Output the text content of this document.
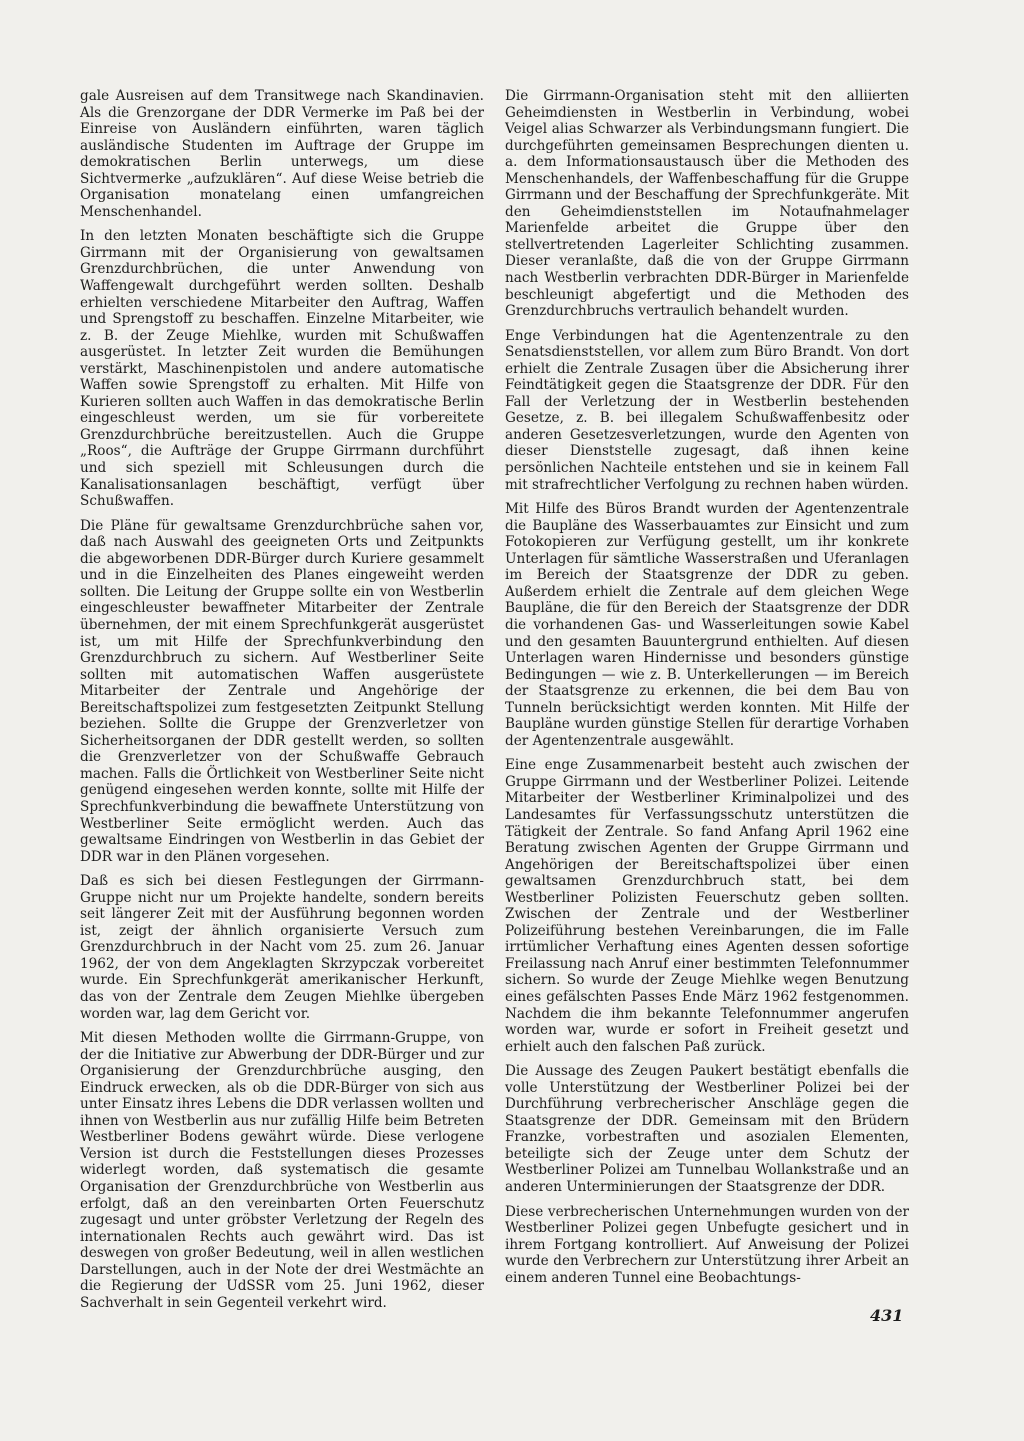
gale Ausreisen auf dem Transitwege nach Skandinavien. Als die Grenzorgane der DDR Vermerke im Paß bei der Einreise von Ausländern einführten, waren täglich ausländische Studenten im Auftrage der Gruppe im demokratischen Berlin unterwegs, um diese Sichtvermerke „aufzuklären“. Auf diese Weise betrieb die Organisation monatelang einen umfangreichen Menschenhandel.

In den letzten Monaten beschäftigte sich die Gruppe Girrmann mit der Organisierung von gewaltsamen Grenzdurchbrüchen, die unter Anwendung von Waffengewalt durchgeführt werden sollten. Deshalb erhielten verschiedene Mitarbeiter den Auftrag, Waffen und Sprengstoff zu beschaffen. Einzelne Mitarbeiter, wie z. B. der Zeuge Miehlke, wurden mit Schußwaffen ausgerüstet. In letzter Zeit wurden die Bemühungen verstärkt, Maschinenpistolen und andere automatische Waffen sowie Sprengstoff zu erhalten. Mit Hilfe von Kurieren sollten auch Waffen in das demokratische Berlin eingeschleust werden, um sie für vorbereitete Grenzdurchbrüche bereitzustellen. Auch die Gruppe „Roos“, die Aufträge der Gruppe Girrmann durchführt und sich speziell mit Schleusungen durch die Kanalisationsanlagen beschäftigt, verfügt über Schußwaffen.

Die Pläne für gewaltsame Grenzdurchbrüche sahen vor, daß nach Auswahl des geeigneten Orts und Zeitpunkts die abgeworbenen DDR-Bürger durch Kuriere gesammelt und in die Einzelheiten des Planes eingeweiht werden sollten. Die Leitung der Gruppe sollte ein von Westberlin eingeschleuster bewaffneter Mitarbeiter der Zentrale übernehmen, der mit einem Sprechfunkgerät ausgerüstet ist, um mit Hilfe der Sprechfunkverbindung den Grenzdurchbruch zu sichern. Auf Westberliner Seite sollten mit automatischen Waffen ausgerüstete Mitarbeiter der Zentrale und Angehörige der Bereitschaftspolizei zum festgesetzten Zeitpunkt Stellung beziehen. Sollte die Gruppe der Grenzverletzer von Sicherheitsorganen der DDR gestellt werden, so sollten die Grenzverletzer von der Schußwaffe Gebrauch machen. Falls die Örtlichkeit von Westberliner Seite nicht genügend eingesehen werden konnte, sollte mit Hilfe der Sprechfunkverbindung die bewaffnete Unterstützung von Westberliner Seite ermöglicht werden. Auch das gewaltsame Eindringen von Westberlin in das Gebiet der DDR war in den Plänen vorgesehen.

Daß es sich bei diesen Festlegungen der Girrmann-Gruppe nicht nur um Projekte handelte, sondern bereits seit längerer Zeit mit der Ausführung begonnen worden ist, zeigt der ähnlich organisierte Versuch zum Grenzdurchbruch in der Nacht vom 25. zum 26. Januar 1962, der von dem Angeklagten Skrzypczak vorbereitet wurde. Ein Sprechfunkgerät amerikanischer Herkunft, das von der Zentrale dem Zeugen Miehlke übergeben worden war, lag dem Gericht vor.

Mit diesen Methoden wollte die Girrmann-Gruppe, von der die Initiative zur Abwerbung der DDR-Bürger und zur Organisierung der Grenzdurchbrüche ausging, den Eindruck erwecken, als ob die DDR-Bürger von sich aus unter Einsatz ihres Lebens die DDR verlassen wollten und ihnen von Westberlin aus nur zufällig Hilfe beim Betreten Westberliner Bodens gewährt würde. Diese verlogene Version ist durch die Feststellungen dieses Prozesses widerlegt worden, daß systematisch die gesamte Organisation der Grenzdurchbrüche von Westberlin aus erfolgt, daß an den vereinbarten Orten Feuerschutz zugesagt und unter gröbster Verletzung der Regeln des internationalen Rechts auch gewährt wird. Das ist deswegen von großer Bedeutung, weil in allen westlichen Darstellungen, auch in der Note der drei Westmächte an die Regierung der UdSSR vom 25. Juni 1962, dieser Sachverhalt in sein Gegenteil verkehrt wird.

Die Girrmann-Organisation steht mit den alliierten Geheimdiensten in Westberlin in Verbindung, wobei Veigel alias Schwarzer als Verbindungsmann fungiert. Die durchgeführten gemeinsamen Besprechungen dienten u. a. dem Informationsaustausch über die Methoden des Menschenhandels, der Waffenbeschaffung für die Gruppe Girrmann und der Beschaffung der Sprechfunkgeräte. Mit den Geheimdienststellen im Notaufnahmelager Marienfelde arbeitet die Gruppe über den stellvertretenden Lagerleiter Schlichting zusammen. Dieser veranlaßte, daß die von der Gruppe Girrmann nach Westberlin verbrachten DDR-Bürger in Marienfelde beschleunigt abgefertigt und die Methoden des Grenzdurchbruchs vertraulich behandelt wurden.

Enge Verbindungen hat die Agentenzentrale zu den Senatsdienststellen, vor allem zum Büro Brandt. Von dort erhielt die Zentrale Zusagen über die Absicherung ihrer Feindtätigkeit gegen die Staatsgrenze der DDR. Für den Fall der Verletzung der in Westberlin bestehenden Gesetze, z. B. bei illegalem Schußwaffenbesitz oder anderen Gesetzesverletzungen, wurde den Agenten von dieser Dienststelle zugesagt, daß ihnen keine persönlichen Nachteile entstehen und sie in keinem Fall mit strafrechtlicher Verfolgung zu rechnen haben würden.

Mit Hilfe des Büros Brandt wurden der Agentenzentrale die Baupläne des Wasserbauamtes zur Einsicht und zum Fotokopieren zur Verfügung gestellt, um ihr konkrete Unterlagen für sämtliche Wasserstraßen und Uferanlagen im Bereich der Staatsgrenze der DDR zu geben. Außerdem erhielt die Zentrale auf dem gleichen Wege Baupläne, die für den Bereich der Staatsgrenze der DDR die vorhandenen Gas- und Wasserleitungen sowie Kabel und den gesamten Bauuntergrund enthielten. Auf diesen Unterlagen waren Hindernisse und besonders günstige Bedingungen — wie z. B. Unterkellerungen — im Bereich der Staatsgrenze zu erkennen, die bei dem Bau von Tunneln berücksichtigt werden konnten. Mit Hilfe der Baupläne wurden günstige Stellen für derartige Vorhaben der Agentenzentrale ausgewählt.

Eine enge Zusammenarbeit besteht auch zwischen der Gruppe Girrmann und der Westberliner Polizei. Leitende Mitarbeiter der Westberliner Kriminalpolizei und des Landesamtes für Verfassungsschutz unterstützen die Tätigkeit der Zentrale. So fand Anfang April 1962 eine Beratung zwischen Agenten der Gruppe Girrmann und Angehörigen der Bereitschaftspolizei über einen gewaltsamen Grenzdurchbruch statt, bei dem Westberliner Polizisten Feuerschutz geben sollten. Zwischen der Zentrale und der Westberliner Polizeiführung bestehen Vereinbarungen, die im Falle irrtümlicher Verhaftung eines Agenten dessen sofortige Freilassung nach Anruf einer bestimmten Telefonnummer sichern. So wurde der Zeuge Miehlke wegen Benutzung eines gefälschten Passes Ende März 1962 festgenommen. Nachdem die ihm bekannte Telefonnummer angerufen worden war, wurde er sofort in Freiheit gesetzt und erhielt auch den falschen Paß zurück.

Die Aussage des Zeugen Paukert bestätigt ebenfalls die volle Unterstützung der Westberliner Polizei bei der Durchführung verbrecherischer Anschläge gegen die Staatsgrenze der DDR. Gemeinsam mit den Brüdern Franzke, vorbestraften und asozialen Elementen, beteiligte sich der Zeuge unter dem Schutz der Westberliner Polizei am Tunnelbau Wollankstraße und an anderen Unterminierungen der Staatsgrenze der DDR.

Diese verbrecherischen Unternehmungen wurden von der Westberliner Polizei gegen Unbefugte gesichert und in ihrem Fortgang kontrolliert. Auf Anweisung der Polizei wurde den Verbrechern zur Unterstützung ihrer Arbeit an einem anderen Tunnel eine Beobachtungs-

431
